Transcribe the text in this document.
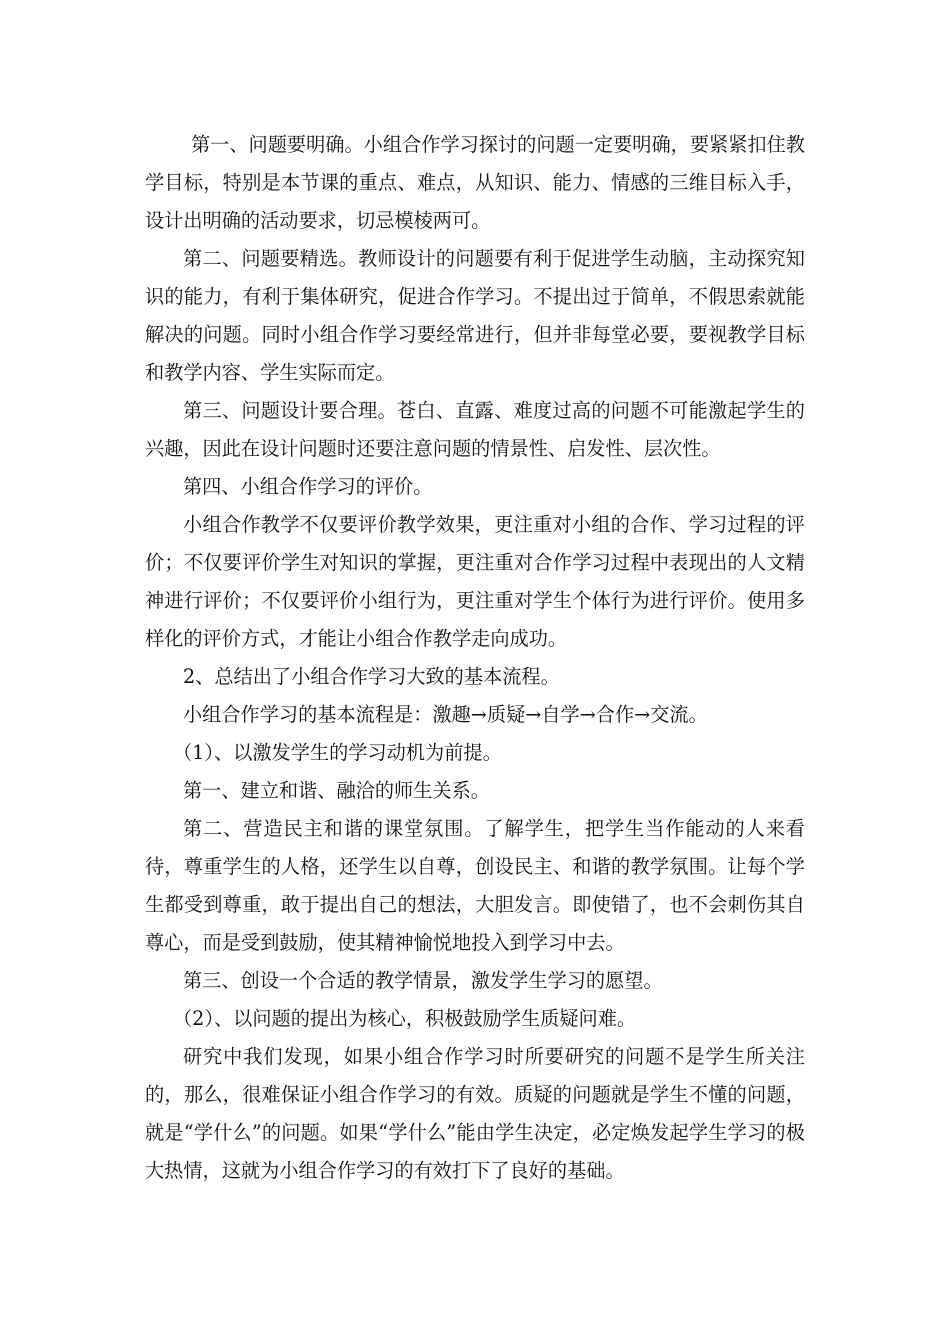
第一、问题要明确。小组合作学习探讨的问题一定要明确，要紧紧扣住教学目标，特别是本节课的重点、难点，从知识、能力、情感的三维目标入手，设计出明确的活动要求，切忌模棱两可。

第二、问题要精选。教师设计的问题要有利于促进学生动脑，主动探究知识的能力，有利于集体研究，促进合作学习。不提出过于简单，不假思索就能解决的问题。同时小组合作学习要经常进行，但并非每堂必要，要视教学目标和教学内容、学生实际而定。

第三、问题设计要合理。苍白、直露、难度过高的问题不可能激起学生的兴趣，因此在设计问题时还要注意问题的情景性、启发性、层次性。

第四、小组合作学习的评价。

小组合作教学不仅要评价教学效果，更注重对小组的合作、学习过程的评价；不仅要评价学生对知识的掌握，更注重对合作学习过程中表现出的人文精神进行评价；不仅要评价小组行为，更注重对学生个体行为进行评价。使用多样化的评价方式，才能让小组合作教学走向成功。

2、总结出了小组合作学习大致的基本流程。

小组合作学习的基本流程是：激趣→质疑→自学→合作→交流。

（1）、以激发学生的学习动机为前提。

第一、建立和谐、融洽的师生关系。

第二、营造民主和谐的课堂氛围。了解学生，把学生当作能动的人来看待，尊重学生的人格，还学生以自尊，创设民主、和谐的教学氛围。让每个学生都受到尊重，敢于提出自己的想法，大胆发言。即使错了，也不会刺伤其自尊心，而是受到鼓励，使其精神愉悦地投入到学习中去。

第三、创设一个合适的教学情景，激发学生学习的愿望。

（2）、以问题的提出为核心，积极鼓励学生质疑问难。

研究中我们发现，如果小组合作学习时所要研究的问题不是学生所关注的，那么，很难保证小组合作学习的有效。质疑的问题就是学生不懂的问题，就是“学什么”的问题。如果“学什么”能由学生决定，必定焕发起学生学习的极大热情，这就为小组合作学习的有效打下了良好的基础。
